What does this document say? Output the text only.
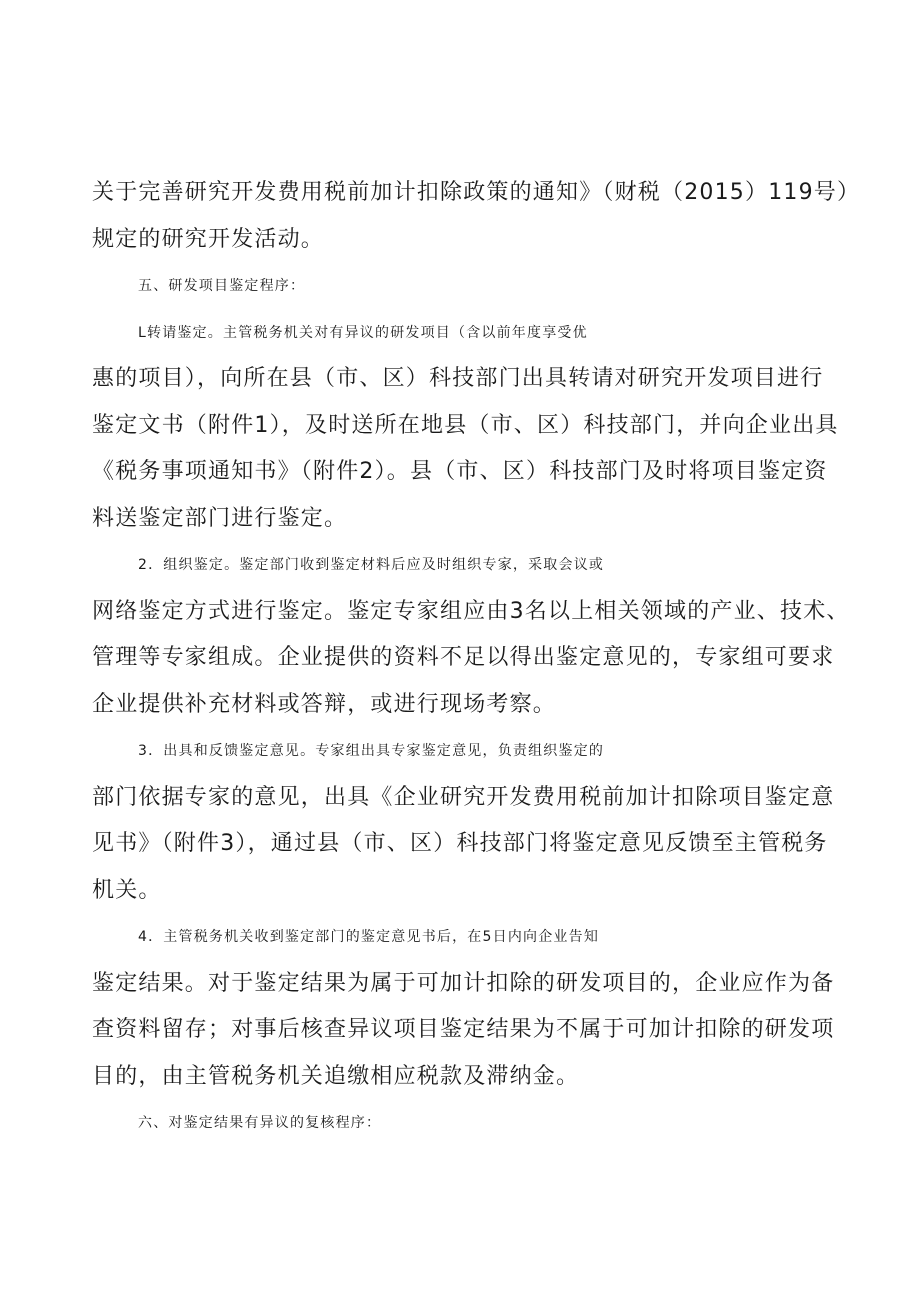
关于完善研究开发费用税前加计扣除政策的通知》（财税（2015）119号）
规定的研究开发活动。
五、研发项目鉴定程序：
L转请鉴定。主管税务机关对有异议的研发项目（含以前年度享受优
惠的项目），向所在县（市、区）科技部门出具转请对研究开发项目进行
鉴定文书（附件1），及时送所在地县（市、区）科技部门，并向企业出具
《税务事项通知书》（附件2）。县（市、区）科技部门及时将项目鉴定资
料送鉴定部门进行鉴定。
2．组织鉴定。鉴定部门收到鉴定材料后应及时组织专家，采取会议或
网络鉴定方式进行鉴定。鉴定专家组应由3名以上相关领域的产业、技术、
管理等专家组成。企业提供的资料不足以得出鉴定意见的，专家组可要求
企业提供补充材料或答辩，或进行现场考察。
3．出具和反馈鉴定意见。专家组出具专家鉴定意见，负责组织鉴定的
部门依据专家的意见，出具《企业研究开发费用税前加计扣除项目鉴定意
见书》（附件3），通过县（市、区）科技部门将鉴定意见反馈至主管税务
机关。
4．主管税务机关收到鉴定部门的鉴定意见书后，在5日内向企业告知
鉴定结果。对于鉴定结果为属于可加计扣除的研发项目的，企业应作为备
查资料留存；对事后核查异议项目鉴定结果为不属于可加计扣除的研发项
目的，由主管税务机关追缴相应税款及滞纳金。
六、对鉴定结果有异议的复核程序：
